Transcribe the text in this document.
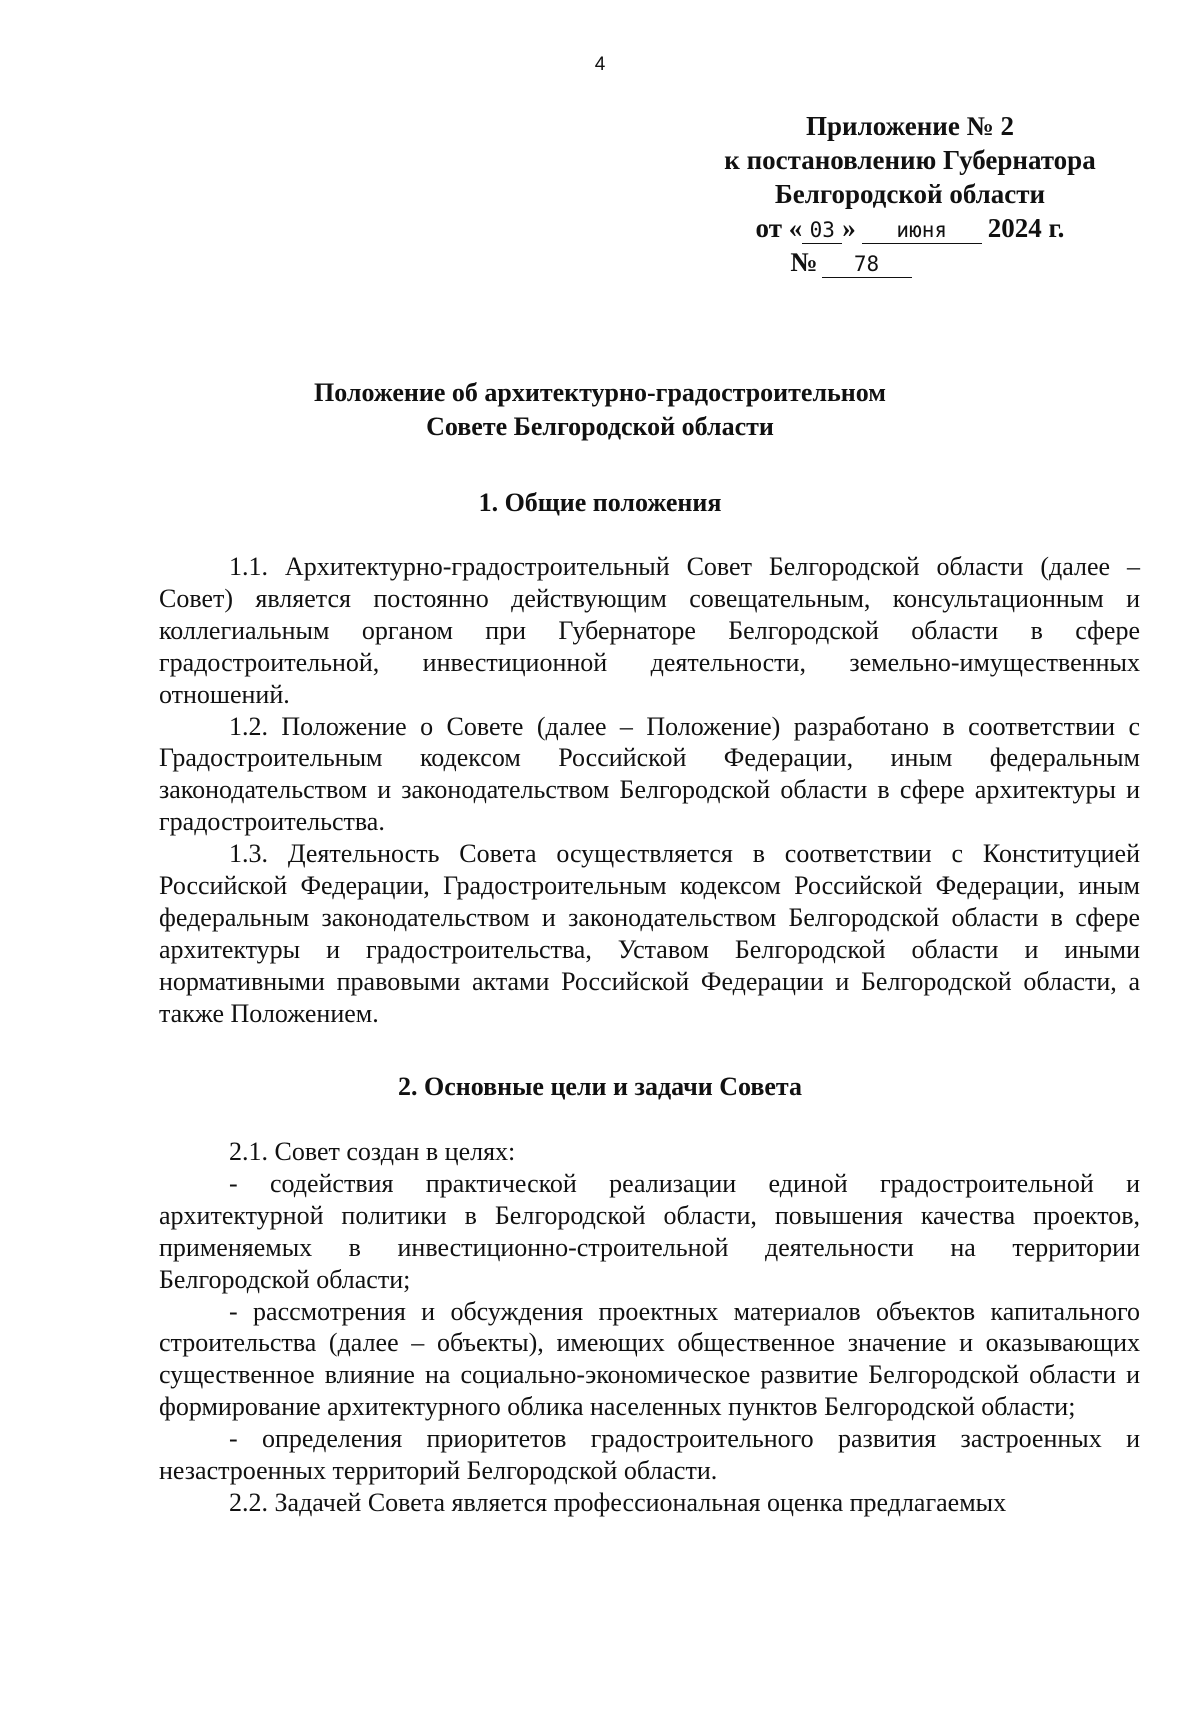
4
Приложение № 2
к постановлению Губернатора
Белгородской области
от « 03 » июня 2024 г.
№ 78
Положение об архитектурно-градостроительном
Совете Белгородской области
1. Общие положения

1.1. Архитектурно-градостроительный Совет Белгородской области (далее – Совет) является постоянно действующим совещательным, консультационным и коллегиальным органом при Губернаторе Белгородской области в сфере градостроительной, инвестиционной деятельности, земельно-имущественных отношений.

1.2. Положение о Совете (далее – Положение) разработано в соответствии с Градостроительным кодексом Российской Федерации, иным федеральным законодательством и законодательством Белгородской области в сфере архитектуры и градостроительства.

1.3. Деятельность Совета осуществляется в соответствии с Конституцией Российской Федерации, Градостроительным кодексом Российской Федерации, иным федеральным законодательством и законодательством Белгородской области в сфере архитектуры и градостроительства, Уставом Белгородской области и иными нормативными правовыми актами Российской Федерации и Белгородской области, а также Положением.

2. Основные цели и задачи Совета

2.1. Совет создан в целях:

- содействия практической реализации единой градостроительной и архитектурной политики в Белгородской области, повышения качества проектов, применяемых в инвестиционно-строительной деятельности на территории Белгородской области;

- рассмотрения и обсуждения проектных материалов объектов капитального строительства (далее – объекты), имеющих общественное значение и оказывающих существенное влияние на социально-экономическое развитие Белгородской области и формирование архитектурного облика населенных пунктов Белгородской области;

- определения приоритетов градостроительного развития застроенных и незастроенных территорий Белгородской области.

2.2. Задачей Совета является профессиональная оценка предлагаемых
